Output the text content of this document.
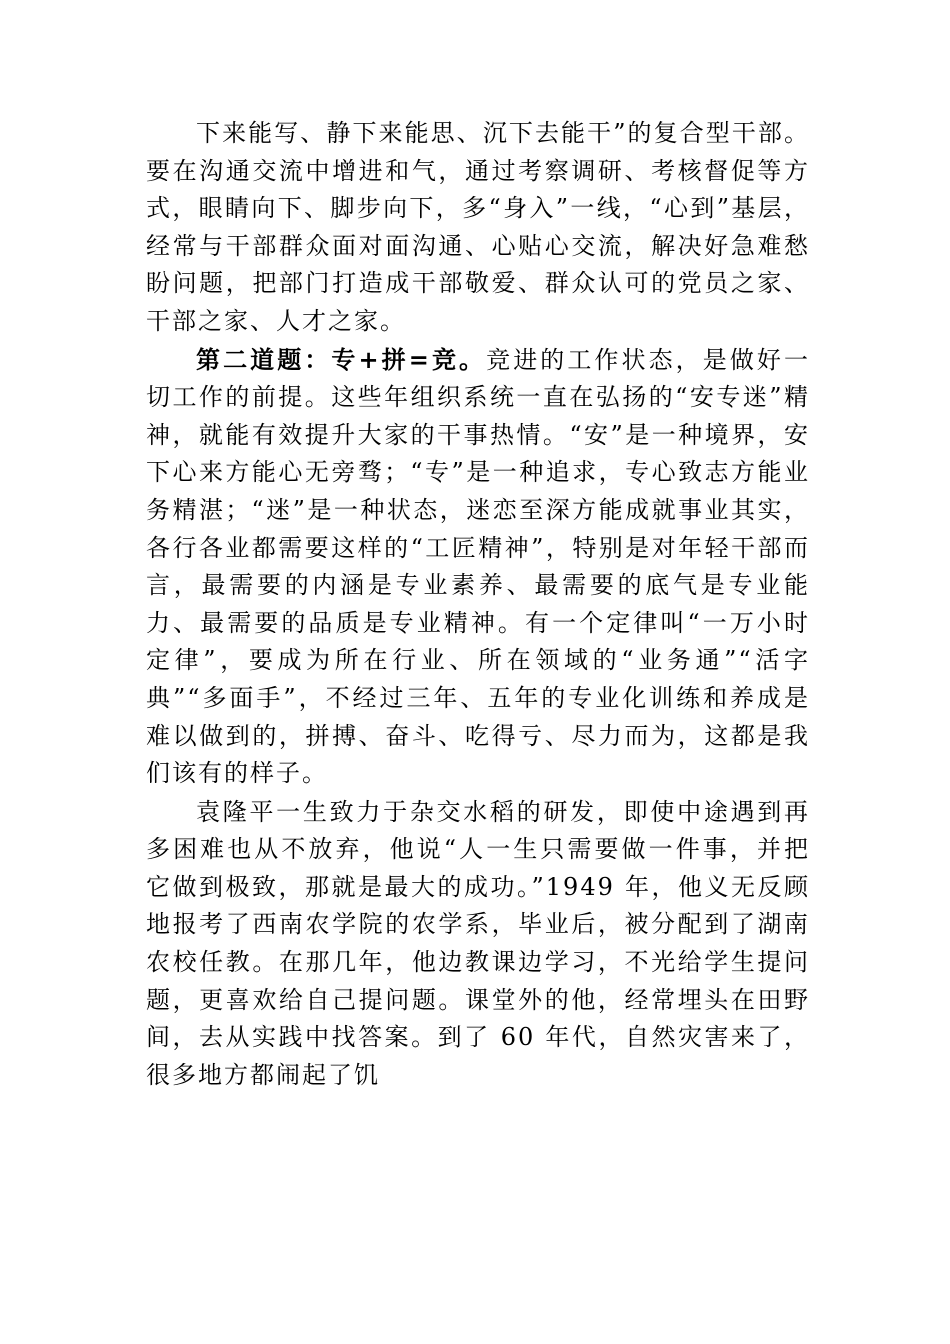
下来能写、静下来能思、沉下去能干”的复合型干部。要在沟通交流中增进和气，通过考察调研、考核督促等方式，眼睛向下、脚步向下，多“身入”一线，“心到”基层，经常与干部群众面对面沟通、心贴心交流，解决好急难愁盼问题，把部门打造成干部敬爱、群众认可的党员之家、干部之家、人才之家。

第二道题：专+拼=竞。竞进的工作状态，是做好一切工作的前提。这些年组织系统一直在弘扬的“安专迷”精神，就能有效提升大家的干事热情。“安”是一种境界，安下心来方能心无旁骛；“专”是一种追求，专心致志方能业务精湛；“迷”是一种状态，迷恋至深方能成就事业其实，各行各业都需要这样的“工匠精神”，特别是对年轻干部而言，最需要的内涵是专业素养、最需要的底气是专业能力、最需要的品质是专业精神。有一个定律叫“一万小时定律”，要成为所在行业、所在领域的“业务通”“活字典”“多面手”，不经过三年、五年的专业化训练和养成是难以做到的，拼搏、奋斗、吃得亏、尽力而为，这都是我们该有的样子。

袁隆平一生致力于杂交水稻的研发，即使中途遇到再多困难也从不放弃，他说“人一生只需要做一件事，并把它做到极致，那就是最大的成功。”1949 年，他义无反顾地报考了西南农学院的农学系，毕业后，被分配到了湖南农校任教。在那几年，他边教课边学习，不光给学生提问题，更喜欢给自己提问题。课堂外的他，经常埋头在田野间，去从实践中找答案。到了 60 年代，自然灾害来了，很多地方都闹起了饥
